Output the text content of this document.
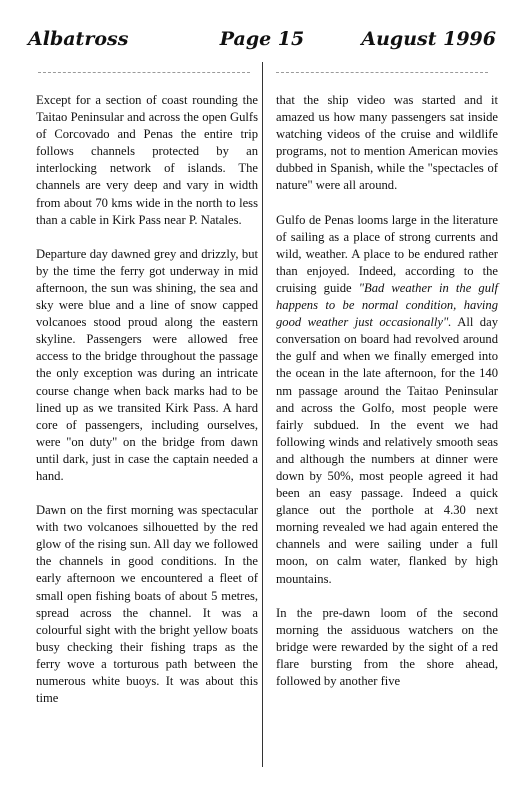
Albatross	Page 15	August 1996

Except for a section of coast rounding the Taitao Peninsular and across the open Gulfs of Corcovado and Penas the entire trip follows channels protected by an interlocking network of islands. The channels are very deep and vary in width from about 70 kms wide in the north to less than a cable in Kirk Pass near P. Natales.

Departure day dawned grey and drizzly, but by the time the ferry got underway in mid afternoon, the sun was shining, the sea and sky were blue and a line of snow capped volcanoes stood proud along the eastern skyline. Passengers were allowed free access to the bridge throughout the passage the only exception was during an intricate course change when back marks had to be lined up as we transited Kirk Pass. A hard core of passengers, including ourselves, were "on duty" on the bridge from dawn until dark, just in case the captain needed a hand.

Dawn on the first morning was spectacular with two volcanoes silhouetted by the red glow of the rising sun. All day we followed the channels in good conditions. In the early afternoon we encountered a fleet of small open fishing boats of about 5 metres, spread across the channel. It was a colourful sight with the bright yellow boats busy checking their fishing traps as the ferry wove a torturous path between the numerous white buoys. It was about this time

that the ship video was started and it amazed us how many passengers sat inside watching videos of the cruise and wildlife programs, not to mention American movies dubbed in Spanish, while the "spectacles of nature" were all around.

Gulfo de Penas looms large in the literature of sailing as a place of strong currents and wild, weather. A place to be endured rather than enjoyed. Indeed, according to the cruising guide "Bad weather in the gulf happens to be normal condition, having good weather just occasionally". All day conversation on board had revolved around the gulf and when we finally emerged into the ocean in the late afternoon, for the 140 nm passage around the Taitao Peninsular and across the Golfo, most people were fairly subdued. In the event we had following winds and relatively smooth seas and although the numbers at dinner were down by 50%, most people agreed it had been an easy passage. Indeed a quick glance out the porthole at 4.30 next morning revealed we had again entered the channels and were sailing under a full moon, on calm water, flanked by high mountains.

In the pre-dawn loom of the second morning the assiduous watchers on the bridge were rewarded by the sight of a red flare bursting from the shore ahead, followed by another five
